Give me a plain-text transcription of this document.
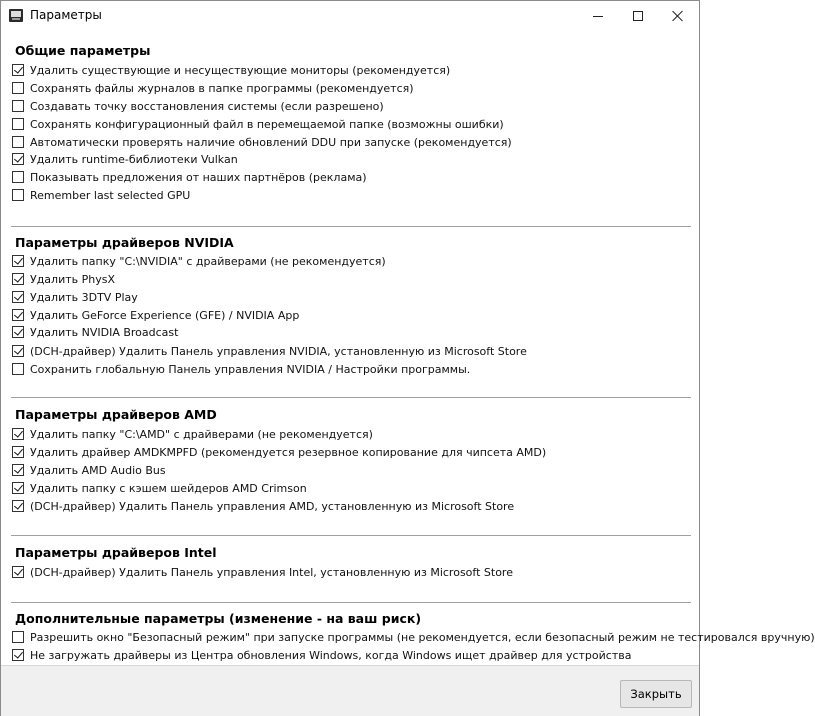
Параметры
Общие параметры
Удалить существующие и несуществующие мониторы (рекомендуется)
Сохранять файлы журналов в папке программы (рекомендуется)
Создавать точку восстановления системы (если разрешено)
Сохранять конфигурационный файл в перемещаемой папке (возможны ошибки)
Автоматически проверять наличие обновлений DDU при запуске (рекомендуется)
Удалить runtime-библиотеки Vulkan
Показывать предложения от наших партнёров (реклама)
Remember last selected GPU
Параметры драйверов NVIDIA
Удалить папку "C:\NVIDIA" с драйверами (не рекомендуется)
Удалить PhysX
Удалить 3DTV Play
Удалить GeForce Experience (GFE) / NVIDIA App
Удалить NVIDIA Broadcast
(DCH-драйвер) Удалить Панель управления NVIDIA, установленную из Microsoft Store
Сохранить глобальную Панель управления NVIDIA / Настройки программы.
Параметры драйверов AMD
Удалить папку "C:\AMD" с драйверами (не рекомендуется)
Удалить драйвер AMDKMPFD (рекомендуется резервное копирование для чипсета AMD)
Удалить AMD Audio Bus
Удалить папку с кэшем шейдеров AMD Crimson
(DCH-драйвер) Удалить Панель управления AMD, установленную из Microsoft Store
Параметры драйверов Intel
(DCH-драйвер) Удалить Панель управления Intel, установленную из Microsoft Store
Дополнительные параметры (изменение - на ваш риск)
Разрешить окно "Безопасный режим" при запуске программы (не рекомендуется, если безопасный режим не тестировался вручную)
Не загружать драйверы из Центра обновления Windows, когда Windows ищет драйвер для устройства
Закрыть
